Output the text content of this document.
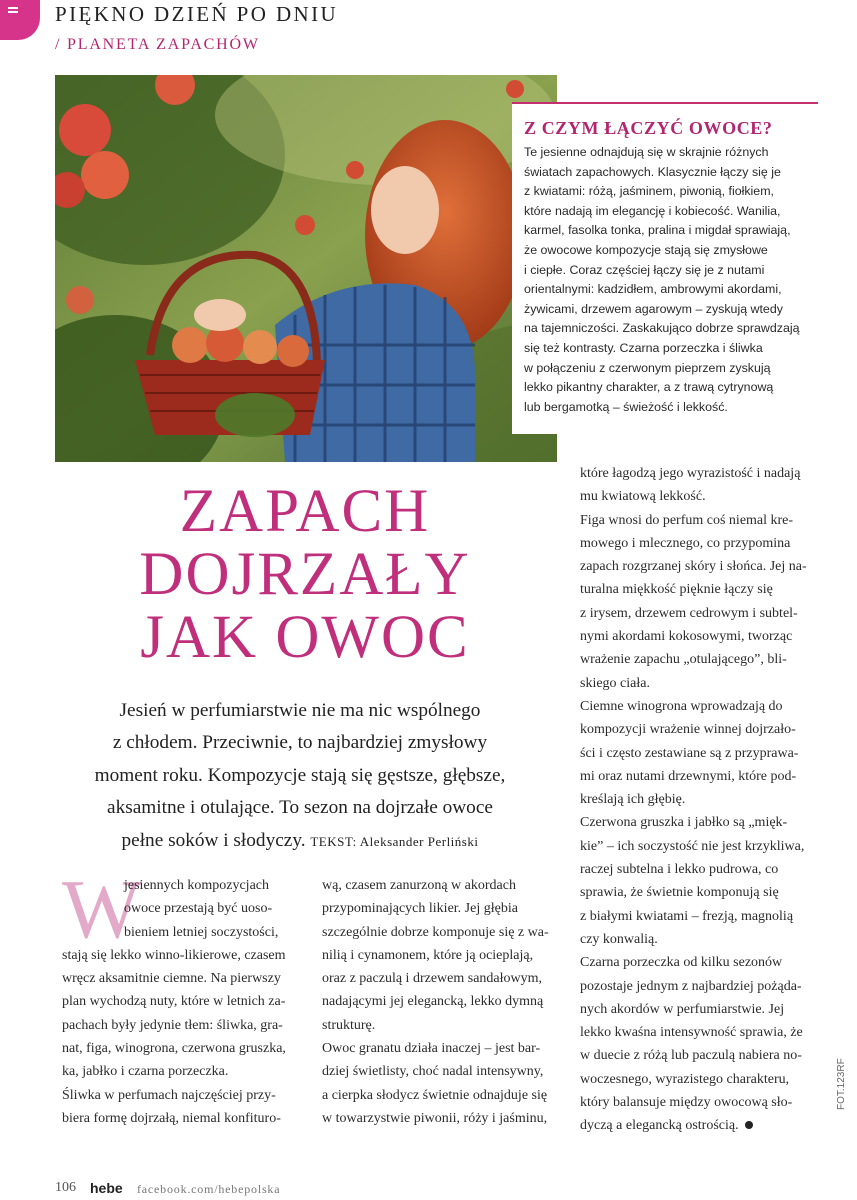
PIĘKNO DZIEŃ PO DNIU
/ PLANETA ZAPACHÓW
Z CZYM ŁĄCZYĆ OWOCE?

Te jesienne odnajdują się w skrajnie różnych
światach zapachowych. Klasycznie łączy się je
z kwiatami: różą, jaśminem, piwonią, fiołkiem,
które nadają im elegancję i kobiecość. Wanilia,
karmel, fasolka tonka, pralina i migdał sprawiają,
że owocowe kompozycje stają się zmysłowe
i ciepłe. Coraz częściej łączy się je z nutami
orientalnymi: kadzidłem, ambrowymi akordami,
żywicami, drzewem agarowym – zyskują wtedy
na tajemniczości. Zaskakująco dobrze sprawdzają
się też kontrasty. Czarna porzeczka i śliwka
w połączeniu z czerwonym pieprzem zyskują
lekko pikantny charakter, a z trawą cytrynową
lub bergamotką – świeżość i lekkość.

ZAPACH
DOJRZAŁY
JAK OWOC

Jesień w perfumiarstwie nie ma nic wspólnego
z chłodem. Przeciwnie, to najbardziej zmysłowy
moment roku. Kompozycje stają się gęstsze, głębsze,
aksamitne i otulające. To sezon na dojrzałe owoce
pełne soków i słodyczy. TEKST: Aleksander Perliński

W
jesiennych kompozycjach
owoce przestają być uoso-
bieniem letniej soczystości,
stają się lekko winno-likierowe, czasem
wręcz aksamitnie ciemne. Na pierwszy
plan wychodzą nuty, które w letnich za-
pachach były jedynie tłem: śliwka, gra-
nat, figa, winogrona, czerwona gruszka,
ka, jabłko i czarna porzeczka.
Śliwka w perfumach najczęściej przy-
biera formę dojrzałą, niemal konfituro-
wą, czasem zanurzoną w akordach
przypominających likier. Jej głębia
szczególnie dobrze komponuje się z wa-
nilią i cynamonem, które ją ocieplają,
oraz z paczulą i drzewem sandałowym,
nadającymi jej elegancką, lekko dymną
strukturę.
Owoc granatu działa inaczej – jest bar-
dziej świetlisty, choć nadal intensywny,
a cierpka słodycz świetnie odnajduje się
w towarzystwie piwonii, róży i jaśminu,
które łagodzą jego wyrazistość i nadają
mu kwiatową lekkość.
Figa wnosi do perfum coś niemal kre-
mowego i mlecznego, co przypomina
zapach rozgrzanej skóry i słońca. Jej na-
turalna miękkość pięknie łączy się
z irysem, drzewem cedrowym i subtel-
nymi akordami kokosowymi, tworząc
wrażenie zapachu „otulającego”, bli-
skiego ciała.
Ciemne winogrona wprowadzają do
kompozycji wrażenie winnej dojrzało-
ści i często zestawiane są z przyprawa-
mi oraz nutami drzewnymi, które pod-
kreślają ich głębię.
Czerwona gruszka i jabłko są „mięk-
kie” – ich soczystość nie jest krzykliwa,
raczej subtelna i lekko pudrowa, co
sprawia, że świetnie komponują się
z białymi kwiatami – frezją, magnolią
czy konwalią.
Czarna porzeczka od kilku sezonów
pozostaje jednym z najbardziej pożąda-
nych akordów w perfumiarstwie. Jej
lekko kwaśna intensywność sprawia, że
w duecie z różą lub paczulą nabiera no-
woczesnego, wyrazistego charakteru,
który balansuje między owocową sło-
dyczą a elegancką ostrością.
106 hebe facebook.com/hebepolska
FOT.123RF
